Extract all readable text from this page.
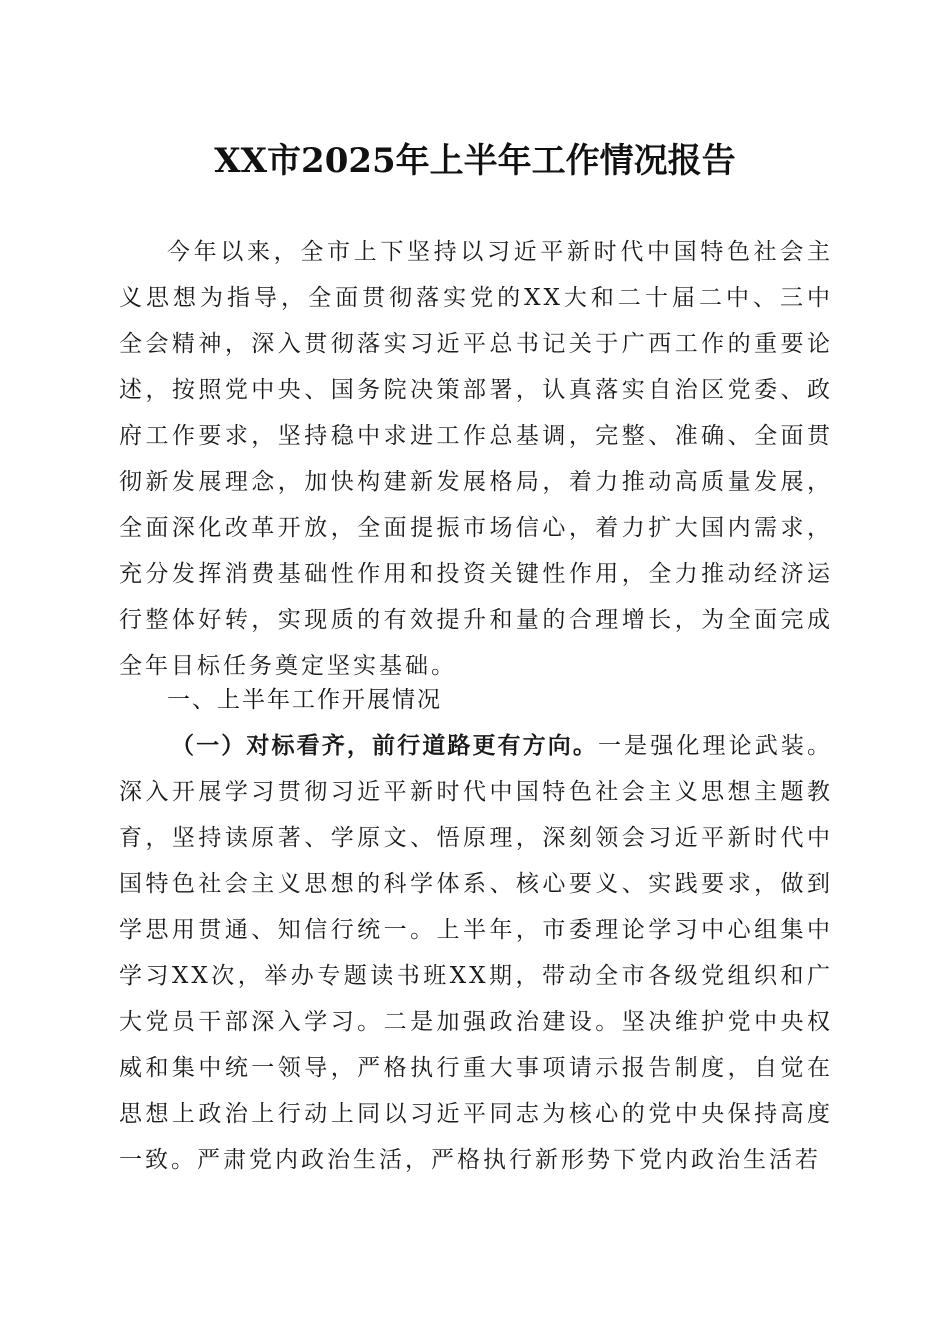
XX市2025年上半年工作情况报告

今年以来，全市上下坚持以习近平新时代中国特色社会主义思想为指导，全面贯彻落实党的XX大和二十届二中、三中全会精神，深入贯彻落实习近平总书记关于广西工作的重要论述，按照党中央、国务院决策部署，认真落实自治区党委、政府工作要求，坚持稳中求进工作总基调，完整、准确、全面贯彻新发展理念，加快构建新发展格局，着力推动高质量发展，全面深化改革开放，全面提振市场信心，着力扩大国内需求，充分发挥消费基础性作用和投资关键性作用，全力推动经济运行整体好转，实现质的有效提升和量的合理增长，为全面完成全年目标任务奠定坚实基础。

一、上半年工作开展情况

（一）对标看齐，前行道路更有方向。一是强化理论武装。深入开展学习贯彻习近平新时代中国特色社会主义思想主题教育，坚持读原著、学原文、悟原理，深刻领会习近平新时代中国特色社会主义思想的科学体系、核心要义、实践要求，做到学思用贯通、知信行统一。上半年，市委理论学习中心组集中学习XX次，举办专题读书班XX期，带动全市各级党组织和广大党员干部深入学习。二是加强政治建设。坚决维护党中央权威和集中统一领导，严格执行重大事项请示报告制度，自觉在思想上政治上行动上同以习近平同志为核心的党中央保持高度一致。严肃党内政治生活，严格执行新形势下党内政治生活若
